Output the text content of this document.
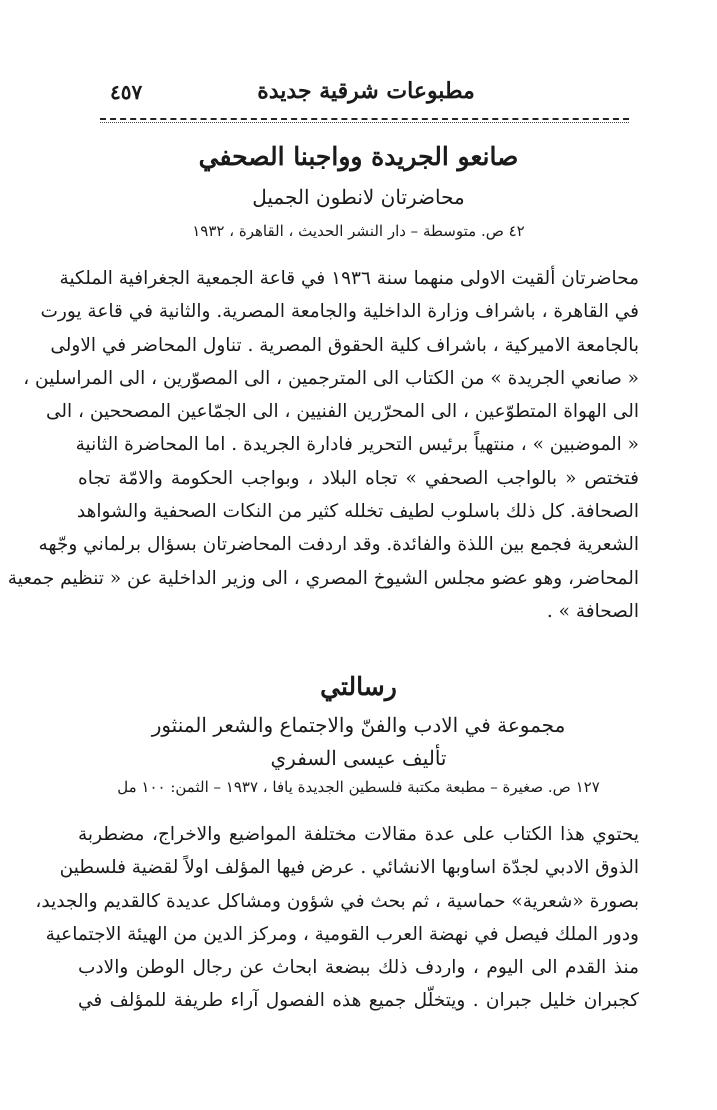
مطبوعات شرقية جديدة
٤٥٧
صانعو الجريدة وواجبنا الصحفي
محاضرتان لانطون الجميل
٤٢ ص. متوسطة – دار النشر الحديث ، القاهرة ، ١٩٣٢
محاضرتان ألقيت الاولى منهما سنة ١٩٣٦ في قاعة الجمعية الجغرافية الملكية
في القاهرة ، باشراف وزارة الداخلية والجامعة المصرية. والثانية في قاعة يورت
بالجامعة الاميركية ، باشراف كلية الحقوق المصرية . تناول المحاضر في الاولى
« صانعي الجريدة » من الكتاب الى المترجمين ، الى المصوّرين ، الى المراسلين ،
الى الهواة المتطوّعين ، الى المحرّرين الفنيين ، الى الجمّاعين المصححين ، الى
« الموضبين » ، منتهياً برئيس التحرير فادارة الجريدة . اما المحاضرة الثانية
فتختص « بالواجب الصحفي » تجاه البلاد ، وبواجب الحكومة والامّة تجاه
الصحافة. كل ذلك باسلوب لطيف تخلله كثير من النكات الصحفية والشواهد
الشعرية فجمع بين اللذة والفائدة. وقد اردفت المحاضرتان بسؤال برلماني وجّهه
المحاضر، وهو عضو مجلس الشيوخ المصري ، الى وزير الداخلية عن « تنظيم جمعية
الصحافة » .
رسالتي
مجموعة في الادب والفنّ والاجتماع والشعر المنثور
تأليف عيسى السفري
١٢٧ ص. صغيرة – مطبعة مكتبة فلسطين الجديدة يافا ، ١٩٣٧ – الثمن: ١٠٠ مل
يحتوي هذا الكتاب على عدة مقالات مختلفة المواضيع والاخراج، مضطربة
الذوق الادبي لجدّة اساوبها الانشائي . عرض فيها المؤلف اولاً لقضية فلسطين
بصورة «شعرية» حماسية ، ثم بحث في شؤون ومشاكل عديدة كالقديم والجديد،
ودور الملك فيصل في نهضة العرب القومية ، ومركز الدين من الهيئة الاجتماعية
منذ القدم الى اليوم ، واردف ذلك ببضعة ابحاث عن رجال الوطن والادب
كجبران خليل جبران . ويتخلّل جميع هذه الفصول آراء طريفة للمؤلف في
